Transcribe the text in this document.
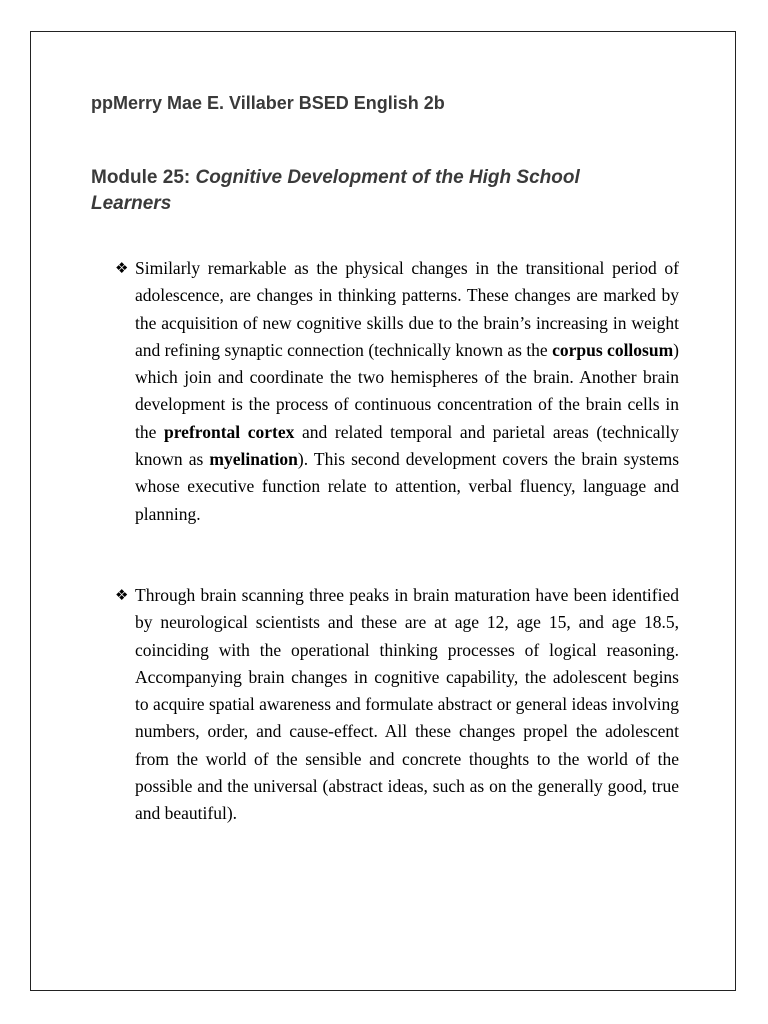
ppMerry Mae E. Villaber BSED English 2b

Module 25: Cognitive Development of the High School Learners
❖ Similarly remarkable as the physical changes in the transitional period of adolescence, are changes in thinking patterns. These changes are marked by the acquisition of new cognitive skills due to the brain’s increasing in weight and refining synaptic connection (technically known as the corpus collosum) which join and coordinate the two hemispheres of the brain. Another brain development is the process of continuous concentration of the brain cells in the prefrontal cortex and related temporal and parietal areas (technically known as myelination). This second development covers the brain systems whose executive function relate to attention, verbal fluency, language and planning.

❖ Through brain scanning three peaks in brain maturation have been identified by neurological scientists and these are at age 12, age 15, and age 18.5, coinciding with the operational thinking processes of logical reasoning. Accompanying brain changes in cognitive capability, the adolescent begins to acquire spatial awareness and formulate abstract or general ideas involving numbers, order, and cause-effect. All these changes propel the adolescent from the world of the sensible and concrete thoughts to the world of the possible and the universal (abstract ideas, such as on the generally good, true and beautiful).
